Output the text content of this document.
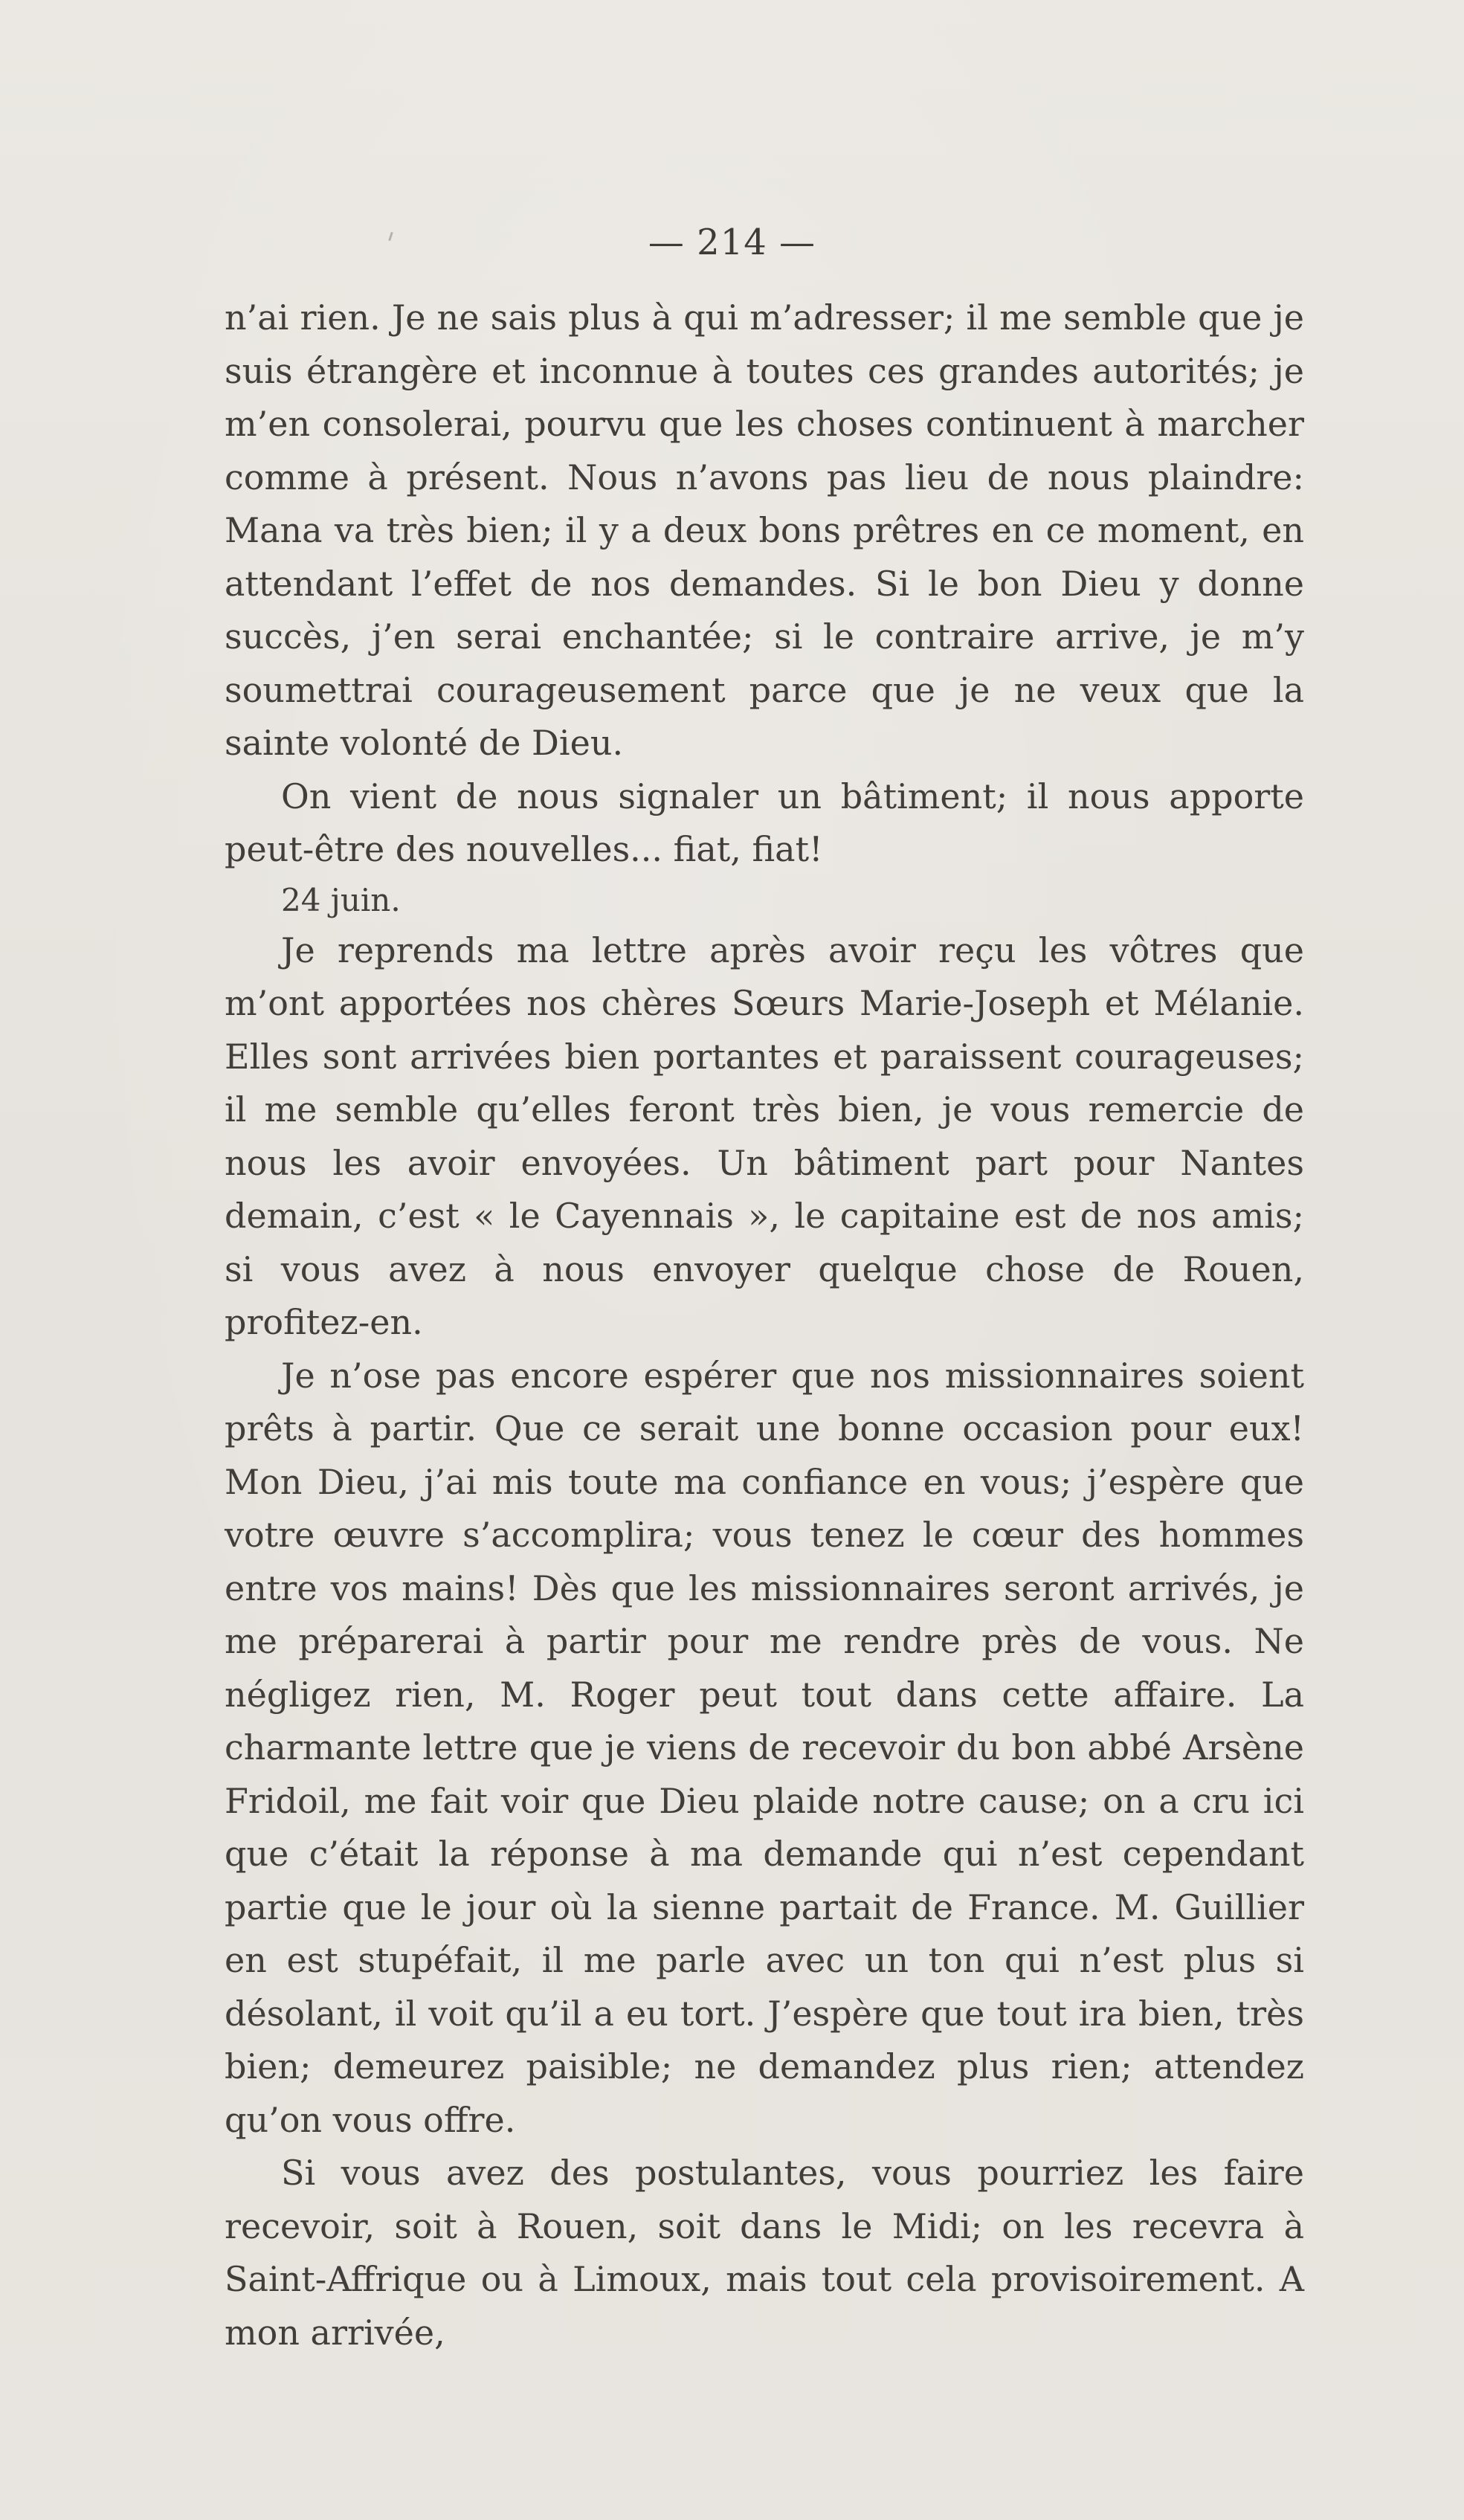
— 214 —

n’ai rien. Je ne sais plus à qui m’adresser; il me semble que je suis étrangère et inconnue à toutes ces grandes autorités; je m’en consolerai, pourvu que les choses continuent à marcher comme à présent. Nous n’avons pas lieu de nous plaindre: Mana va très bien; il y a deux bons prêtres en ce moment, en attendant l’effet de nos demandes. Si le bon Dieu y donne succès, j’en serai enchantée; si le contraire arrive, je m’y soumettrai courageusement parce que je ne veux que la sainte volonté de Dieu.

On vient de nous signaler un bâtiment; il nous apporte peut-être des nouvelles... fiat, fiat!

24 juin.

Je reprends ma lettre après avoir reçu les vôtres que m’ont apportées nos chères Sœurs Marie-Joseph et Mélanie. Elles sont arrivées bien portantes et paraissent courageuses; il me semble qu’elles feront très bien, je vous remercie de nous les avoir envoyées. Un bâtiment part pour Nantes demain, c’est « le Cayennais », le capitaine est de nos amis; si vous avez à nous envoyer quelque chose de Rouen, profitez-en.

Je n’ose pas encore espérer que nos missionnaires soient prêts à partir. Que ce serait une bonne occasion pour eux! Mon Dieu, j’ai mis toute ma confiance en vous; j’espère que votre œuvre s’accomplira; vous tenez le cœur des hommes entre vos mains! Dès que les missionnaires seront arrivés, je me préparerai à partir pour me rendre près de vous. Ne négligez rien, M. Roger peut tout dans cette affaire. La charmante lettre que je viens de recevoir du bon abbé Arsène Fridoil, me fait voir que Dieu plaide notre cause; on a cru ici que c’était la réponse à ma demande qui n’est cependant partie que le jour où la sienne partait de France. M. Guillier en est stupéfait, il me parle avec un ton qui n’est plus si désolant, il voit qu’il a eu tort. J’espère que tout ira bien, très bien; demeurez paisible; ne demandez plus rien; attendez qu’on vous offre.

Si vous avez des postulantes, vous pourriez les faire recevoir, soit à Rouen, soit dans le Midi; on les recevra à Saint-Affrique ou à Limoux, mais tout cela provisoirement. A mon arrivée,
